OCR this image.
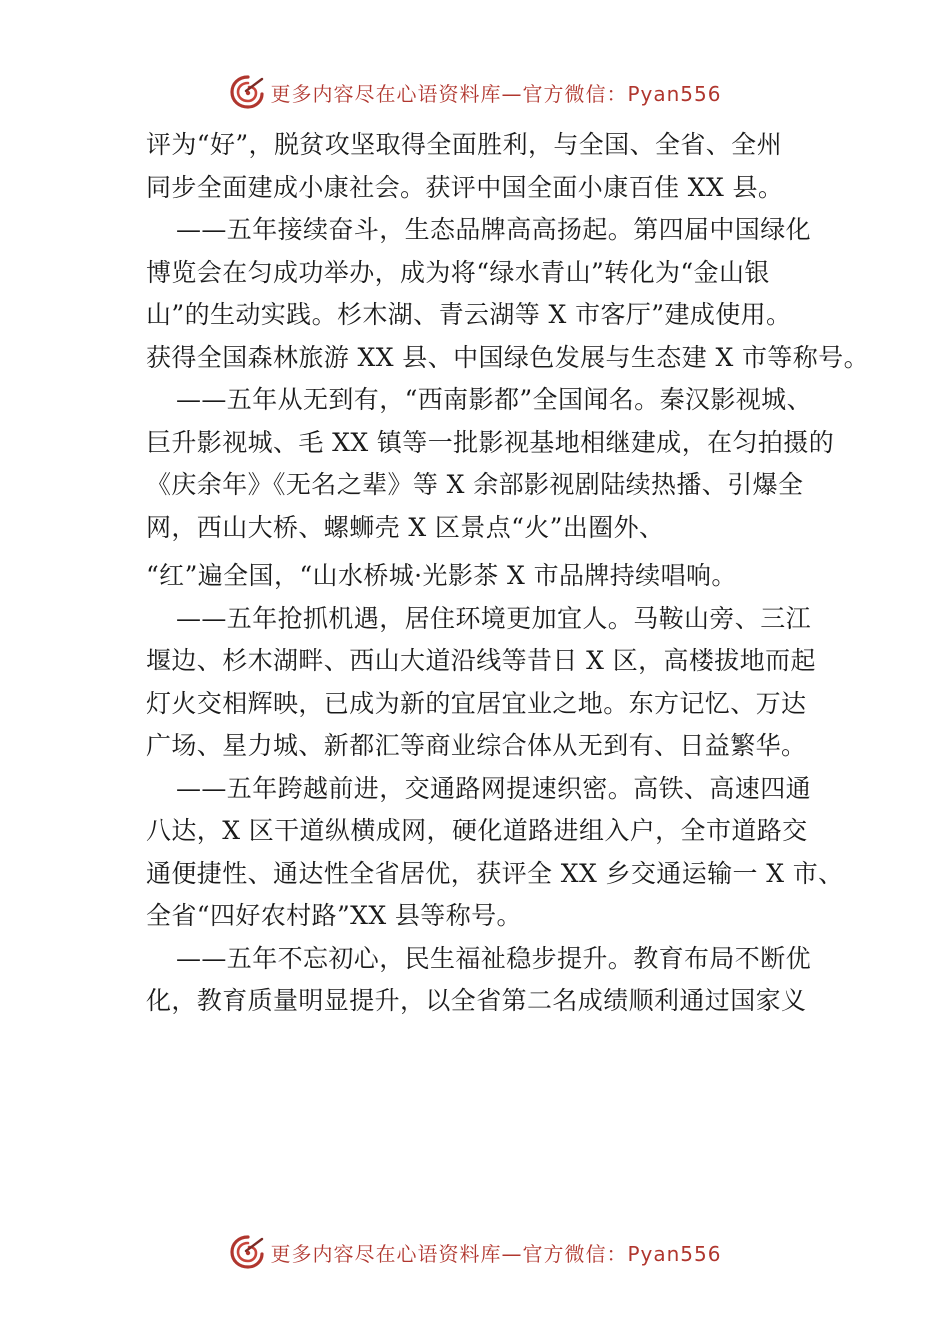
更多内容尽在心语资料库—官方微信：Pyan556
评为“好”，脱贫攻坚取得全面胜利，与全国、全省、全州
同步全面建成小康社会。获评中国全面小康百佳 XX 县。
——五年接续奋斗，生态品牌高高扬起。第四届中国绿化
博览会在匀成功举办，成为将“绿水青山”转化为“金山银
山”的生动实践。杉木湖、青云湖等 X 市客厅”建成使用。
获得全国森林旅游 XX 县、中国绿色发展与生态建 X 市等称号。
——五年从无到有，“西南影都”全国闻名。秦汉影视城、
巨升影视城、毛 XX 镇等一批影视基地相继建成，在匀拍摄的
《庆余年》《无名之辈》等 X 余部影视剧陆续热播、引爆全
网，西山大桥、螺蛳壳 X 区景点“火”出圈外、
“红”遍全国，“山水桥城·光影茶 X 市品牌持续唱响。
——五年抢抓机遇，居住环境更加宜人。马鞍山旁、三江
堰边、杉木湖畔、西山大道沿线等昔日 X 区，高楼拔地而起
灯火交相辉映，已成为新的宜居宜业之地。东方记忆、万达
广场、星力城、新都汇等商业综合体从无到有、日益繁华。
——五年跨越前进，交通路网提速织密。高铁、高速四通
八达，X 区干道纵横成网，硬化道路进组入户，全市道路交
通便捷性、通达性全省居优，获评全 XX 乡交通运输一 X 市、
全省“四好农村路”XX 县等称号。
——五年不忘初心，民生福祉稳步提升。教育布局不断优
化，教育质量明显提升，以全省第二名成绩顺利通过国家义
更多内容尽在心语资料库—官方微信：Pyan556
